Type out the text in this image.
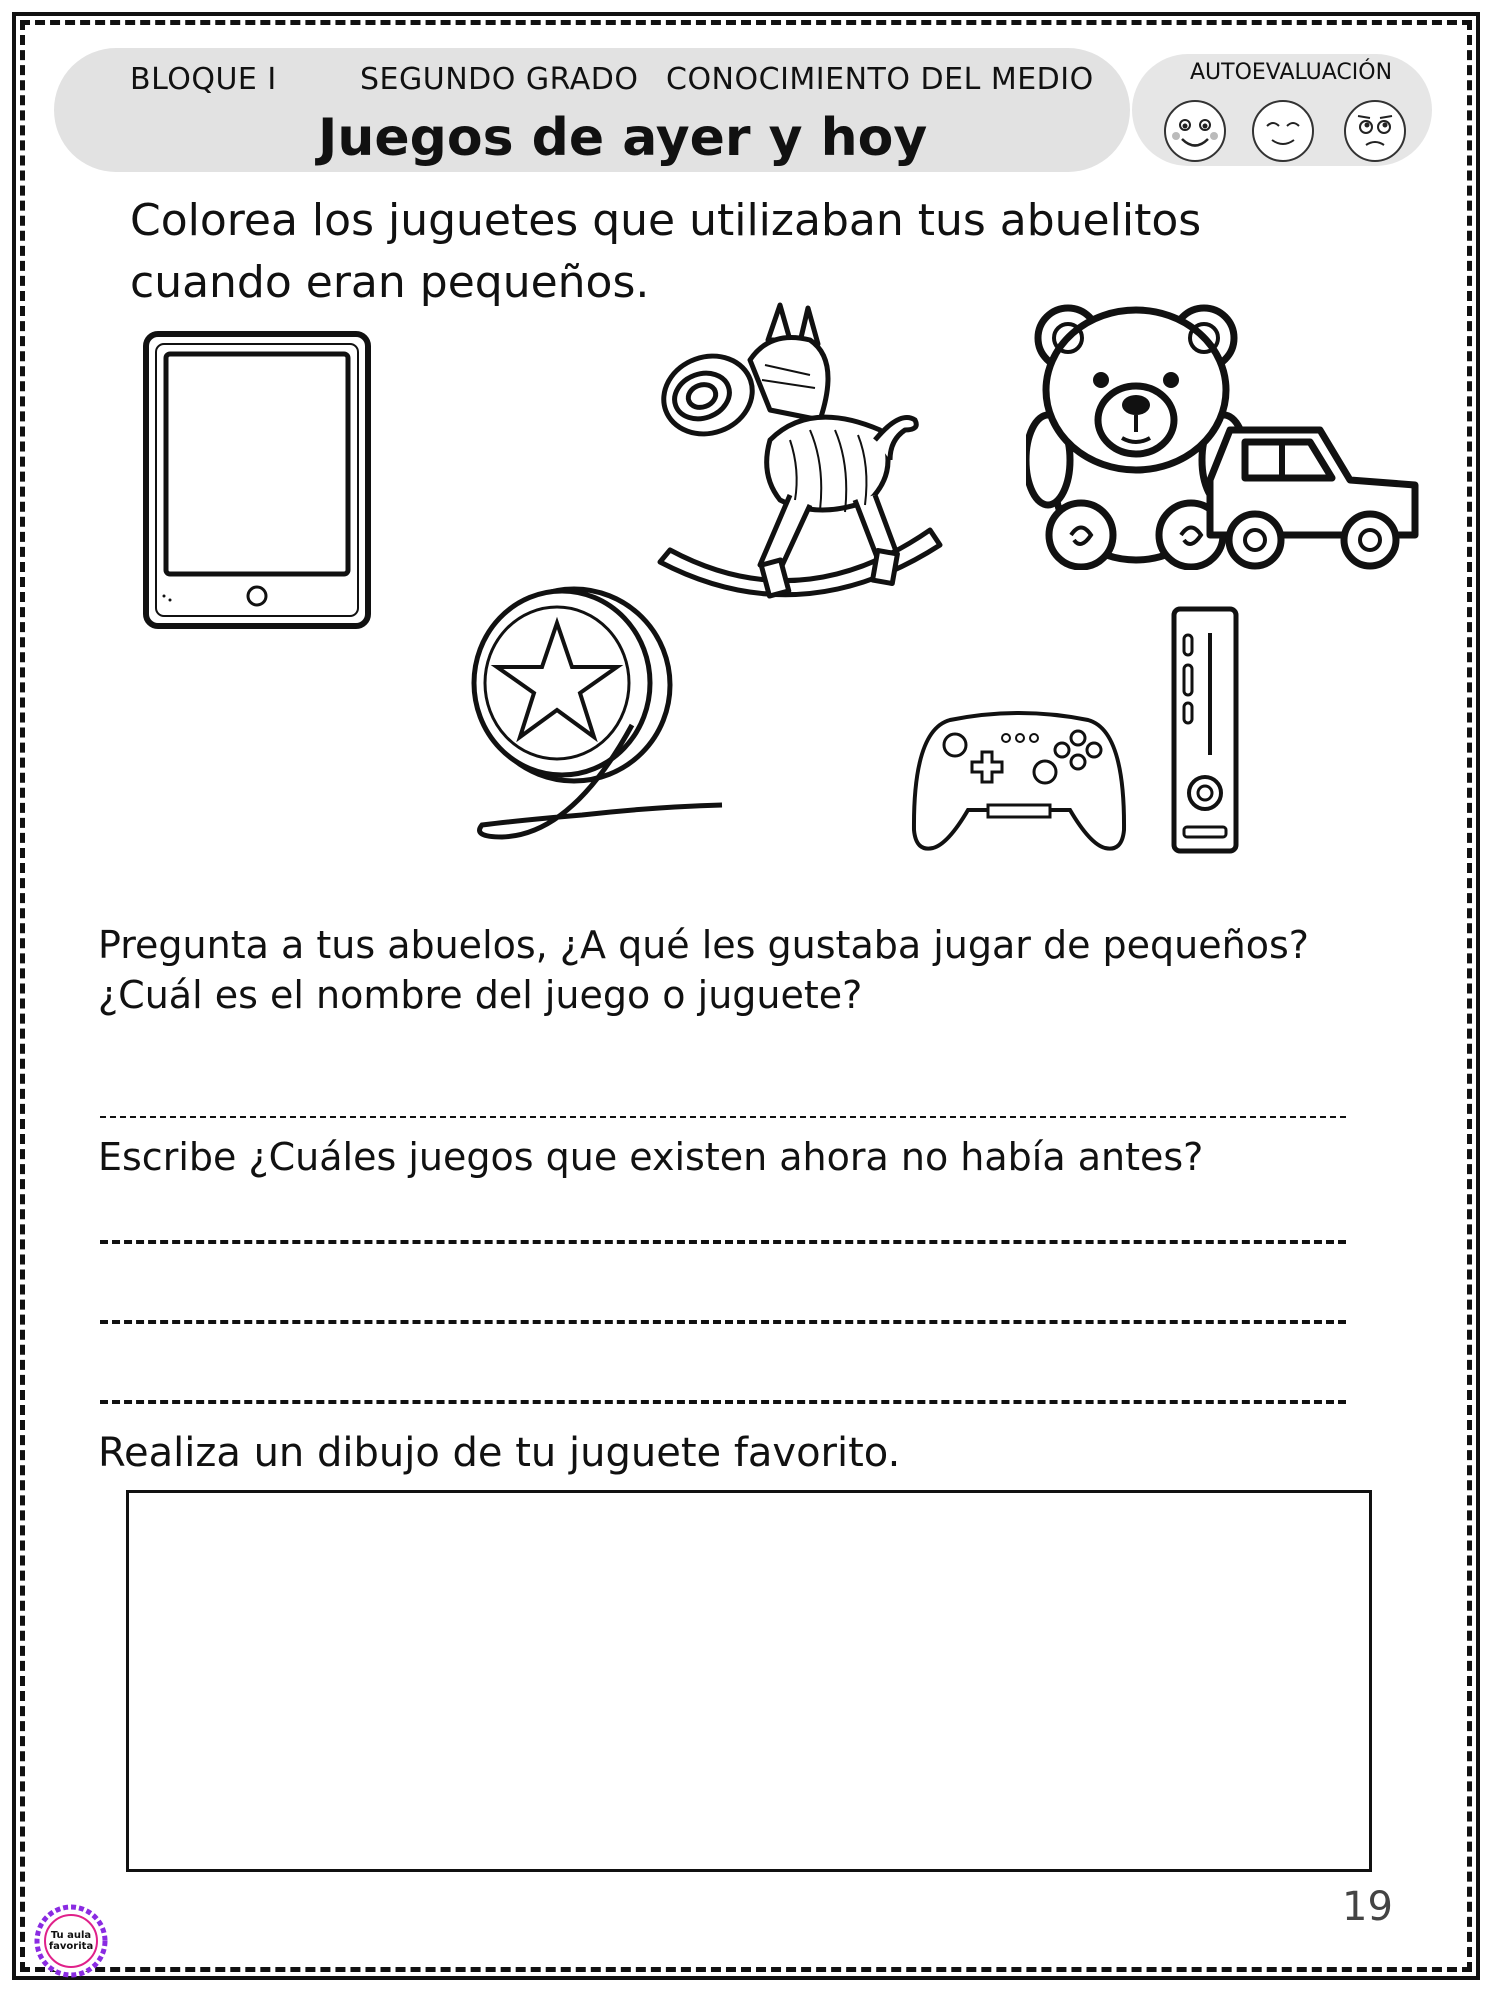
BLOQUE I	SEGUNDO GRADO CONOCIMIENTO DEL MEDIO
Juegos de ayer y hoy
AUTOEVALUACIÓN
Colorea los juguetes que utilizaban tus abuelitos
cuando eran pequeños.
Pregunta a tus abuelos, ¿A qué les gustaba jugar de pequeños?
¿Cuál es el nombre del juego o juguete?
Escribe ¿Cuáles juegos que existen ahora no había antes?
Realiza un dibujo de tu juguete favorito.
Tu aula favorita
19
